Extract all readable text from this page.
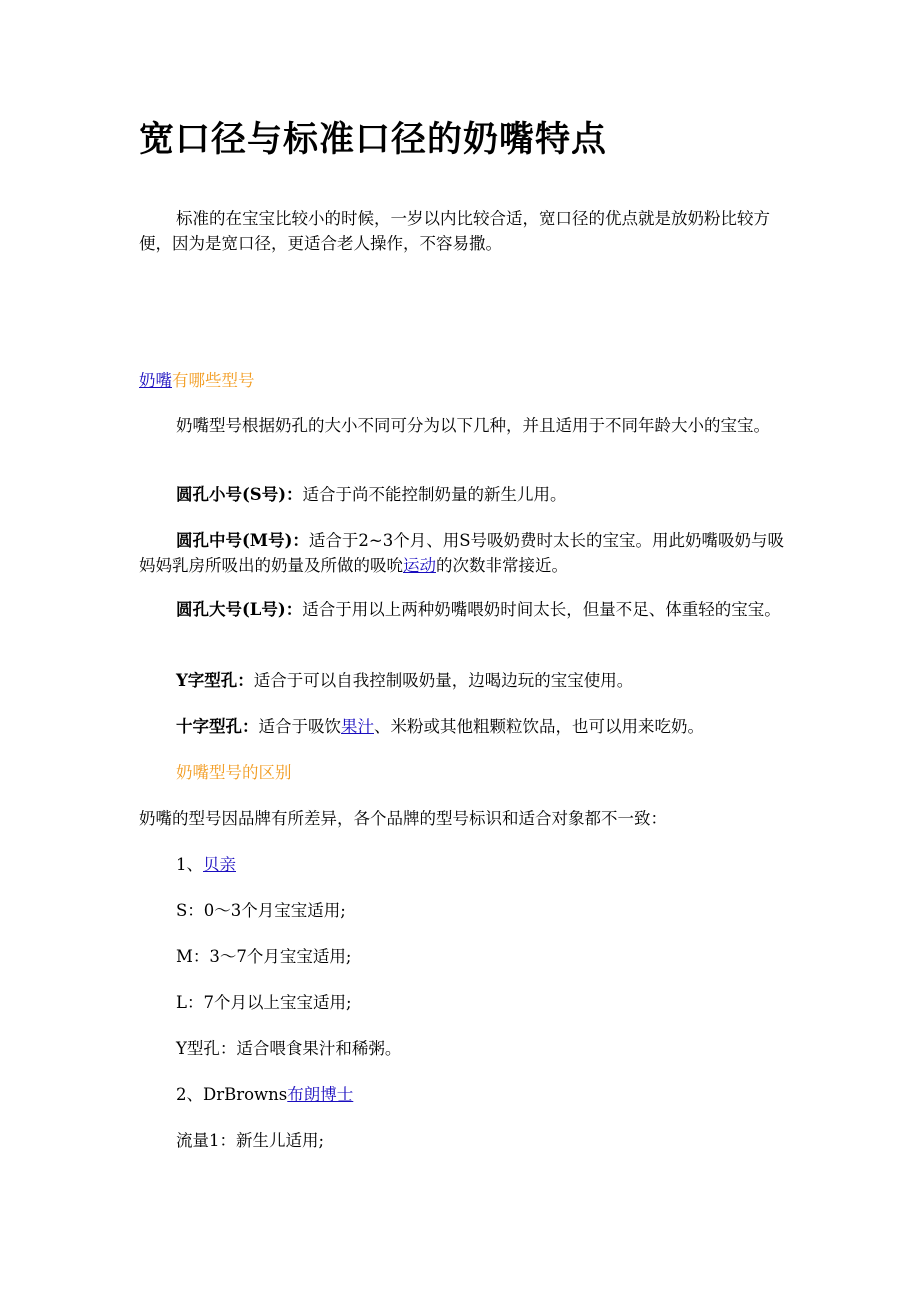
宽口径与标准口径的奶嘴特点

标准的在宝宝比较小的时候，一岁以内比较合适，宽口径的优点就是放奶粉比较方便，因为是宽口径，更适合老人操作，不容易撒。

奶嘴有哪些型号

奶嘴型号根据奶孔的大小不同可分为以下几种，并且适用于不同年龄大小的宝宝。

圆孔小号(S号)：适合于尚不能控制奶量的新生儿用。

圆孔中号(M号)：适合于2~3个月、用S号吸奶费时太长的宝宝。用此奶嘴吸奶与吸妈妈乳房所吸出的奶量及所做的吸吮运动的次数非常接近。

圆孔大号(L号)：适合于用以上两种奶嘴喂奶时间太长，但量不足、体重轻的宝宝。

Y字型孔：适合于可以自我控制吸奶量，边喝边玩的宝宝使用。

十字型孔：适合于吸饮果汁、米粉或其他粗颗粒饮品，也可以用来吃奶。

奶嘴型号的区别

奶嘴的型号因品牌有所差异，各个品牌的型号标识和适合对象都不一致：

1、贝亲

S：0～3个月宝宝适用;

M：3～7个月宝宝适用;

L：7个月以上宝宝适用;

Y型孔：适合喂食果汁和稀粥。

2、DrBrowns布朗博士

流量1：新生儿适用;
